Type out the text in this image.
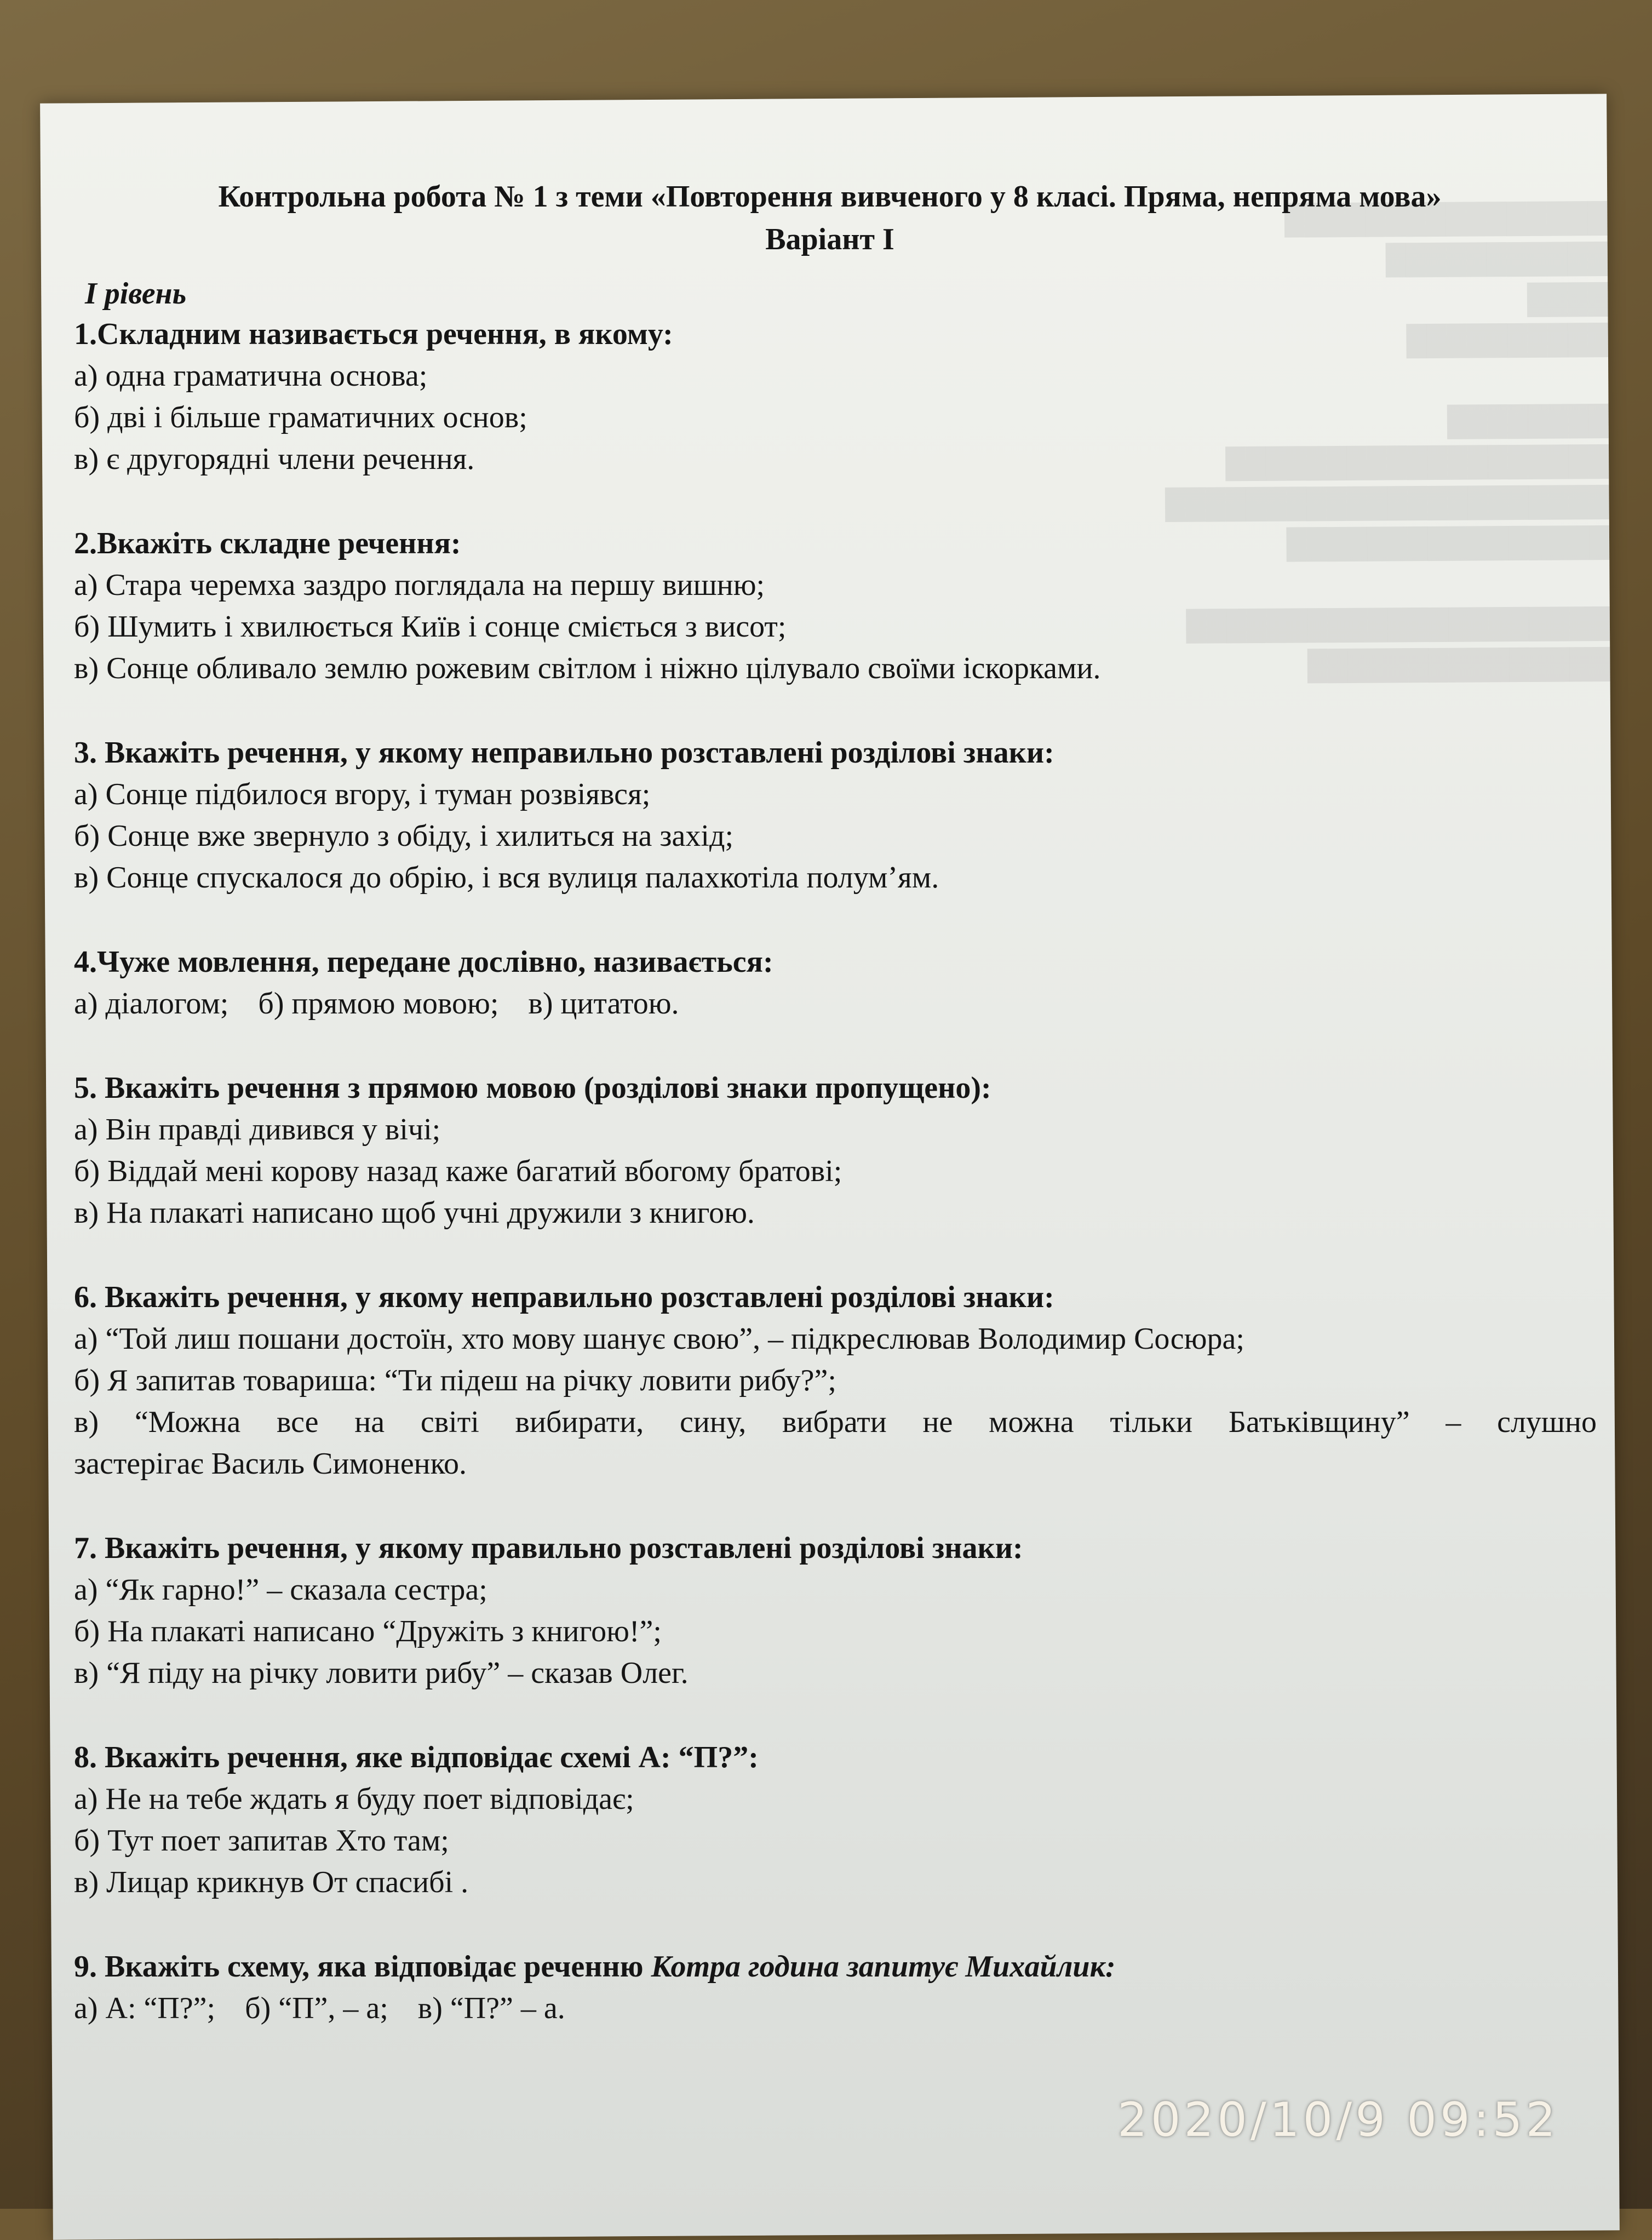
████████████████
███████████
████
██████████

████████
███████████████████
██████████████████████
████████████████

█████████████████████
███████████████
Контрольна робота № 1 з теми «Повторення вивченого у 8 класі. Пряма, непряма мова»
Варіант І
І рівень
1.Складним називається речення, в якому:
а) одна граматична основа;
б) дві і більше граматичних основ;
в) є другорядні члени речення.
2.Вкажіть складне речення:
а) Стара черемха заздро поглядала на першу вишню;
б) Шумить і хвилюється Київ і сонце сміється з висот;
в) Сонце обливало землю рожевим світлом і ніжно цілувало своїми іскорками.
3. Вкажіть речення, у якому неправильно розставлені розділові знаки:
а) Сонце підбилося вгору, і туман розвіявся;
б) Сонце вже звернуло з обіду, і хилиться на захід;
в) Сонце спускалося до обрію, і вся вулиця палахкотіла полум’ям.
4.Чуже мовлення, передане дослівно, називається:
а) діалогом; б) прямою мовою; в) цитатою.
5. Вкажіть речення з прямою мовою (розділові знаки пропущено):
а) Він правді дивився у вічі;
б) Віддай мені корову назад каже багатий вбогому братові;
в) На плакаті написано щоб учні дружили з книгою.
6. Вкажіть речення, у якому неправильно розставлені розділові знаки:
а) “Той лиш пошани достоїн, хто мову шанує свою”, – підкреслював Володимир Сосюра;
б) Я запитав товариша: “Ти підеш на річку ловити рибу?”;
в) “Можна все на світі вибирати, сину, вибрати не можна тільки Батьківщину” – слушно
застерігає Василь Симоненко.
7. Вкажіть речення, у якому правильно розставлені розділові знаки:
а) “Як гарно!” – сказала сестра;
б) На плакаті написано “Дружіть з книгою!”;
в) “Я піду на річку ловити рибу” – сказав Олег.
8. Вкажіть речення, яке відповідає схемі А: “П?”:
а) Не на тебе ждать я буду поет відповідає;
б) Тут поет запитав Хто там;
в) Лицар крикнув От спасибі .
9. Вкажіть схему, яка відповідає реченню Котра година запитує Михайлик:
а) А: “П?”; б) “П”, – а; в) “П?” – а.
2020/10/9 09:52
